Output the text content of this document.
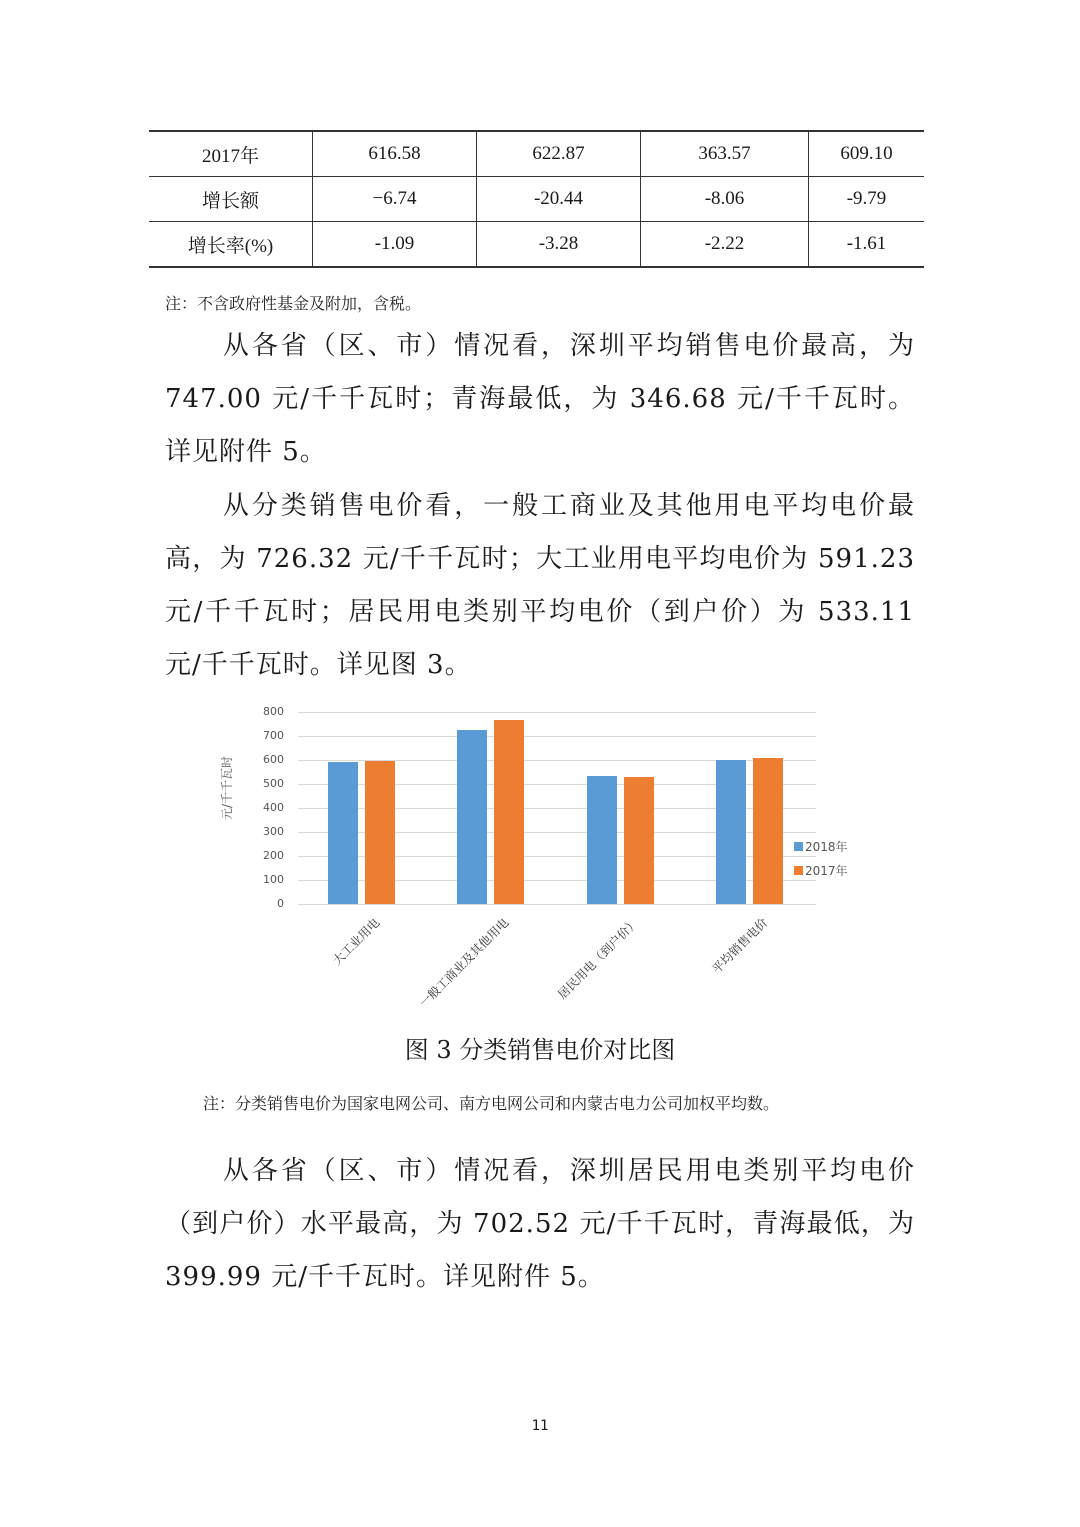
2017年	616.58	622.87	363.57	609.10
增长额	−6.74	-20.44	-8.06	-9.79
增长率(%)	-1.09	-3.28	-2.22	-1.61
注：不含政府性基金及附加，含税。
从各省（区、市）情况看，深圳平均销售电价最高，为 747.00 元/千千瓦时；青海最低，为 346.68 元/千千瓦时。详见附件 5。
从分类销售电价看，一般工商业及其他用电平均电价最高，为 726.32 元/千千瓦时；大工业用电平均电价为 591.23 元/千千瓦时；居民用电类别平均电价（到户价）为 533.11 元/千千瓦时。详见图 3。
元/千千瓦时
0
100
200
300
400
500
600
700
800
大工业用电	一般工商业及其他用电	居民用电（到户价）	平均销售电价
2018年
2017年
图 3 分类销售电价对比图
注：分类销售电价为国家电网公司、南方电网公司和内蒙古电力公司加权平均数。
从各省（区、市）情况看，深圳居民用电类别平均电价（到户价）水平最高，为 702.52 元/千千瓦时，青海最低，为 399.99 元/千千瓦时。详见附件 5。
11
